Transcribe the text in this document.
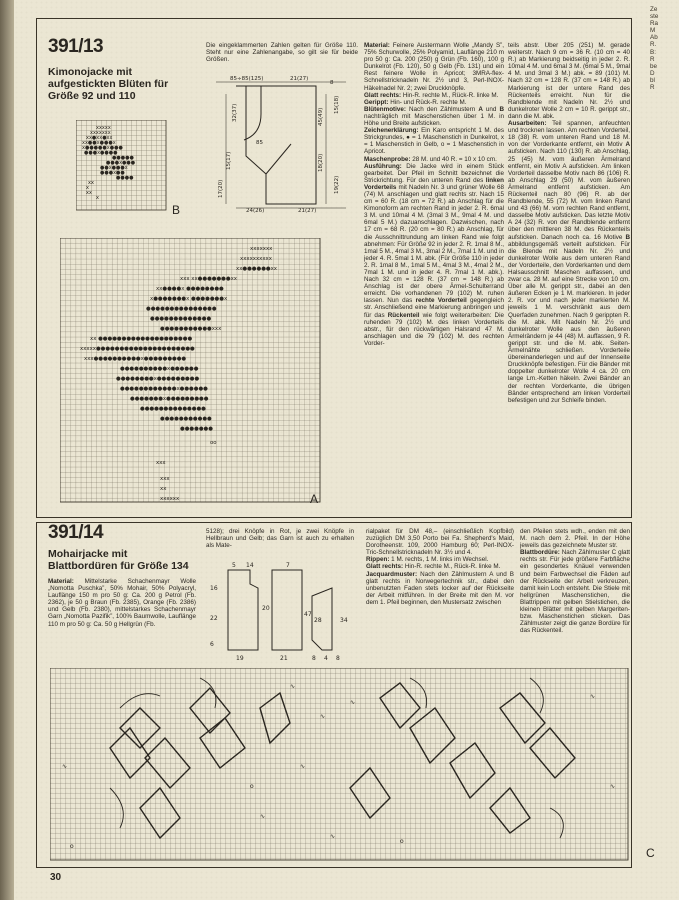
391/13
Kimonojacke mit aufgestickten Blüten für Größe 92 und 110
xxxxx
xxxxxxx
xx●xx●xx
xx●●x●●●x
x●●●●●x●●●
●●●x●●●●
●●●●●
●●●x●●●
●●x●●●x
●●●x●●
●●●●
xx
x
xx
x
B
85÷85(125)	21(27)
24(26)	21(27)
85
32(37)
15(17)
17(20)
45(49)
18(20)
15(18)
19(22)
8
Die eingeklammerten Zahlen gelten für Größe 110. Steht nur eine Zahlenangabe, so gilt sie für beide Größen.
xxxxxxx
xxxxxxxxxx
xx●●●●●●xx
xxx xx●●●●●●●xx
xx●●●●x ●●●●●●●●
x●●●●●●●x ●●●●●●●x
●●●●●●●●●●●●●●●
●●●●●●●●●●●●●
●●●●●●●●●●●xxx
xx ●●●●●●●●●●●●●●●●●●●●
xxxxx●●●●●●●●●●●●●●●●●●●●●
xxx●●●●●●●●●●x●●●●●●●●●
●●●●●●●●●●x●●●●●●
●●●●●●●●x●●●●●●●●●
●●●●●●●●●●●●x●●●●●●
●●●●●●●x●●●●●●●●●
●●●●●●●●●●●●●●
●●●●●●●●●●●
●●●●●●●
oo
xxx
xxx
xx
xxxxxx	A

Material: Feinere Austermann Wolle „Mandy S”, 75% Schurwolle, 25% Polyamid, Lauflänge 210 m pro 50 g: Ca. 200 (250) g Grün (Fb. 160), 100 g Dunkelrot (Fb. 120), 50 g Gelb (Fb. 131) und ein Rest feinere Wolle in Apricot; 3MRA-flex-Schnellstricknadeln Nr. 2½ und 3, Perl-INOX-Häkelnadel Nr. 2; zwei Druckknöpfe.

Glatt rechts: Hin-R. rechte M., Rück-R. linke M.

Gerippt: Hin- und Rück-R. rechte M.

Blütenmotive: Nach den Zählmustern A und B nachträglich mit Maschenstichen über 1 M. in Höhe und Breite aufsticken.

Zeichenerklärung: Ein Karo entspricht 1 M. des Strickgrundes, ● = 1 Maschenstich in Dunkelrot, x = 1 Maschenstich in Gelb, o = 1 Maschenstich in Apricot.

Maschenprobe: 28 M. und 40 R. = 10 x 10 cm.

Ausführung: Die Jacke wird in einem Stück gearbeitet. Der Pfeil im Schnitt bezeichnet die Strickrichtung. Für den unteren Rand des linken Vorderteils mit Nadeln Nr. 3 und grüner Wolle 68 (74) M. anschlagen und glatt rechts str. Nach 15 cm = 60 R. (18 cm = 72 R.) ab Anschlag für die Kimonoform am rechten Rand in jeder 2. R. 6mal 3 M. und 10mal 4 M. (3mal 3 M., 9mal 4 M. und 6mal 5 M.) dazuanschlagen. Dazwischen, nach 17 cm = 68 R. (20 cm = 80 R.) ab Anschlag, für die Ausschnittrundung am linken Rand wie folgt abnehmen: Für Größe 92 in jeder 2. R. 1mal 8 M., 1mal 5 M., 4mal 3 M., 3mal 2 M., 7mal 1 M. und in jeder 4. R. 5mal 1 M. abk. (Für Größe 110 in jeder 2. R. 1mal 8 M., 1mal 5 M., 4mal 3 M., 4mal 2 M., 7mal 1 M. und in jeder 4. R. 7mal 1 M. abk.). Nach 32 cm = 128 R. (37 cm = 148 R.) ab Anschlag ist der obere Ärmel-Schulterrand erreicht. Die vorhandenen 79 (102) M. ruhen lassen. Nun das rechte Vorderteil gegengleich str. Anschließend eine Markierung anbringen und für das Rückenteil wie folgt weiterarbeiten: Die ruhenden 79 (102) M. des linken Vorderteils abstr., für den rückwärtigen Halsrand 47 M. anschlagen und die 79 (102) M. des rechten Vorder-

teils abstr. Über 205 (251) M. gerade weiterstr. Nach 9 cm = 36 R. (10 cm = 40 R.) ab Markierung beidseitig in jeder 2. R. 10mal 4 M. und 6mal 3 M. (6mal 5 M., 9mal 4 M. und 3mal 3 M.) abk. = 89 (101) M. Nach 32 cm = 128 R. (37 cm = 148 R.) ab Markierung ist der untere Rand des Rückenteils erreicht. Nun für die Randblende mit Nadeln Nr. 2½ und dunkelroter Wolle 2 cm = 10 R. gerippt str., dann die M. abk.

Ausarbeiten: Teil spannen, anfeuchten und trocknen lassen. Am rechten Vorderteil, 18 (38) R. vom unteren Rand und 18 M. von der Vorderkante entfernt, ein Motiv A aufsticken. Nach 110 (130) R. ab Anschlag, 25 (45) M. vom äußeren Ärmelrand entfernt, ein Motiv A aufsticken. Am linken Vorderteil dasselbe Motiv nach 86 (106) R. ab Anschlag 29 (50) M. vom äußeren Ärmelrand entfernt aufsticken. Am Rückenteil nach 80 (96) R. ab der Randblende, 55 (72) M. vom linken Rand und 43 (66) M. vom rechten Rand entfernt, dasselbe Motiv aufsticken. Das letzte Motiv A 24 (32) R. von der Randblende entfernt über den mittleren 38 M. des Rückenteils aufsticken. Danach noch ca. 16 Motive B abbildungsgemäß verteilt aufsticken. Für die Blende mit Nadeln Nr. 2½ und dunkelroter Wolle aus dem unteren Rand der Vorderteile, den Vorderkanten und dem Halsausschnitt Maschen auffassen, und zwar ca. 28 M. auf eine Strecke von 10 cm. Über alle M. gerippt str., dabei an den äußeren Ecken je 1 M. markieren. In jeder 2. R. vor und nach jeder markierten M. jeweils 1 M. verschränkt aus dem Querfaden zunehmen. Nach 9 gerippten R. die M. abk. Mit Nadeln Nr. 2½ und dunkelroter Wolle aus den äußeren Ärmelrändern je 44 (48) M. auffassen, 9 R. gerippt str. und die M. abk. Seiten- Ärmelnähte schließen. Vorderteile übereinanderlegen und auf der Innenseite Druckknöpfe befestigen. Für die Bänder mit doppelter dunkelroter Wolle 4 ca. 20 cm lange Lm.-Ketten häkeln. Zwei Bänder an der rechten Vorderkante, die übrigen Bänder entsprechend am linken Vorderteil befestigen und zur Schleife binden.

391/14
Mohairjacke mit Blattbordüren für Größe 134

Material: Mittelstarke Schachenmayr Wolle „Nomotta Puschka”, 50% Mohair, 50% Polyacryl, Lauflänge 150 m pro 50 g: Ca. 200 g Petrol (Fb. 2362), je 50 g Braun (Fb. 2385), Orange (Fb. 2386) und Gelb (Fb. 2380), mittelstarkes Schachenmayr Garn „Nomotta Pazifik”, 100% Baumwolle, Lauflänge 110 m pro 50 g: Ca. 50 g Hellgrün (Fb.

5128); drei Knöpfe in Rot, je zwei Knöpfe in Hellbraun und Gelb; das Garn ist auch zu erhalten als Mate-

5 14	7
16
22
6
20
47
28	34
19	21	8 4 8

rialpaket für DM 48,– (einschließlich Kopfbild) zuzüglich DM 3,50 Porto bei Fa. Shepherd's Maid, Dorotheenstr. 109, 2000 Hamburg 60; Perl-INOX-Tric-Schnellstricknadeln Nr. 3½ und 4.

Rippen: 1 M. rechts, 1 M. links im Wechsel.

Glatt rechts: Hin-R. rechte M., Rück-R. linke M.

Jacquardmuster: Nach den Zählmustern A und B glatt rechts in Norwegertechnik str., dabei den unbenutzten Faden stets locker auf der Rückseite der Arbeit mitführen. In der Breite mit den M. vor dem 1. Pfeil beginnen, den Mustersatz zwischen

den Pfeilen stets wdh., enden mit den M. nach dem 2. Pfeil. In der Höhe jeweils das gezeichnete Muster str.

Blattbordüre: Nach Zählmuster C glatt rechts str. Für jede größere Farbfläche ein gesondertes Knäuel verwenden und beim Farbwechsel die Fäden auf der Rückseite der Arbeit verkreuzen, damit kein Loch entsteht. Die Stiele mit hellgrünen Maschenstichen, die Blattrippen mit gelben Stielstichen, die kleinen Blätter mit gelben Margeriten- bzw. Maschenstichen sticken. Das Zählmuster zeigt die ganze Bordüre für das Rückenteil.

∿
∿
∿
∿
∿
∿
∿
∿
∿
o
o
o
C

Ze

ste

Ra

M

Ab

R.

B:

R

be

D

bl

R

30
